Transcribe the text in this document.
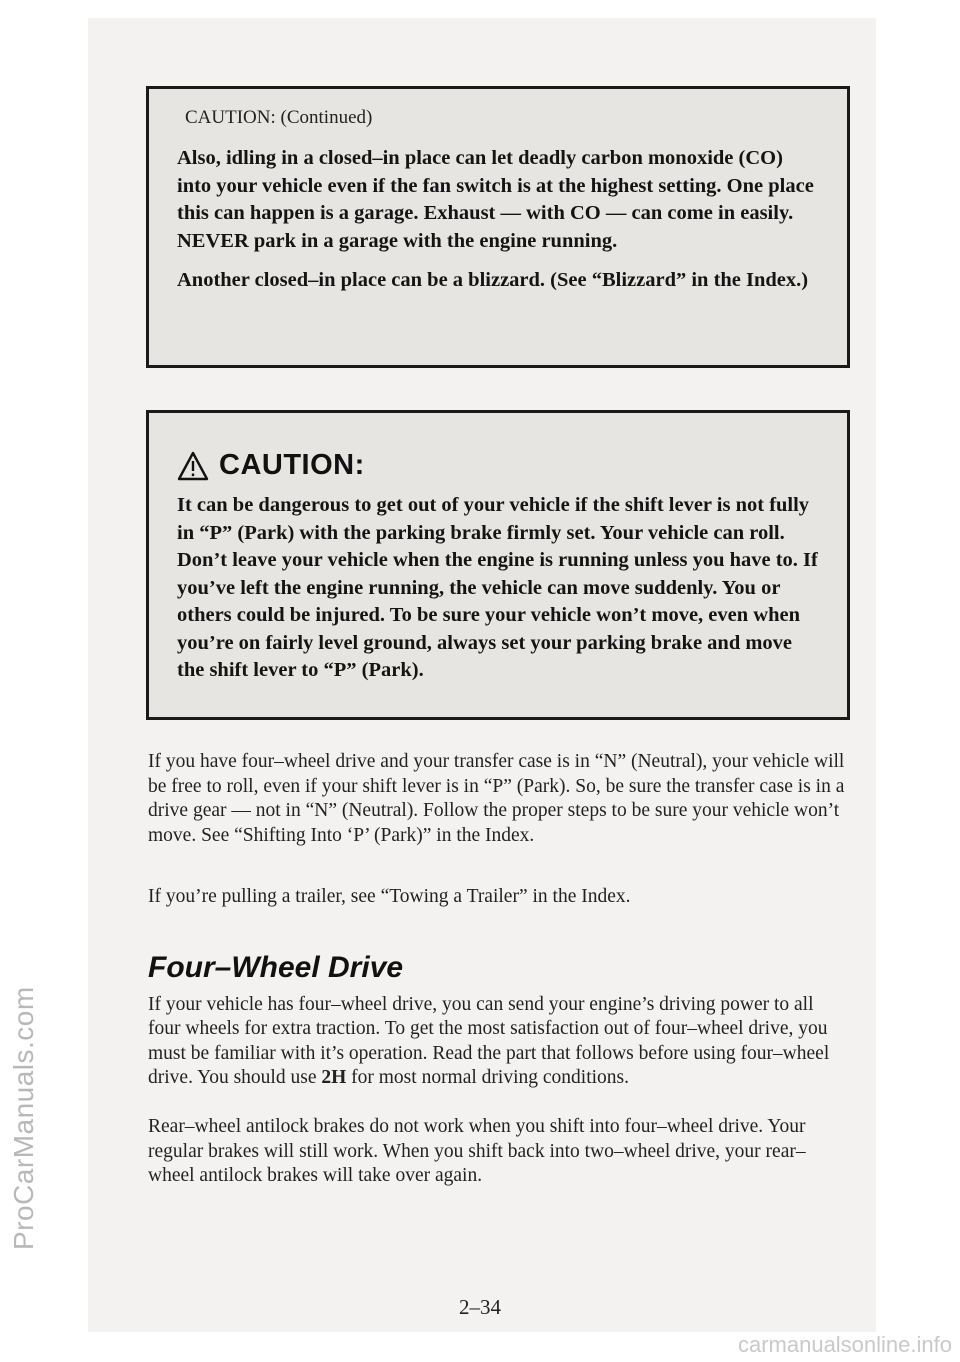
ProCarManuals.com
CAUTION: (Continued)

Also, idling in a closed–in place can let deadly carbon monoxide (CO) into your vehicle even if the fan switch is at the highest setting. One place this can happen is a garage. Exhaust — with CO — can come in easily. NEVER park in a garage with the engine running.

Another closed–in place can be a blizzard. (See “Blizzard” in the Index.)

CAUTION:

It can be dangerous to get out of your vehicle if the shift lever is not fully in “P” (Park) with the parking brake firmly set. Your vehicle can roll. Don’t leave your vehicle when the engine is running unless you have to. If you’ve left the engine running, the vehicle can move suddenly. You or others could be injured. To be sure your vehicle won’t move, even when you’re on fairly level ground, always set your parking brake and move the shift lever to “P” (Park).

If you have four–wheel drive and your transfer case is in “N” (Neutral), your vehicle will be free to roll, even if your shift lever is in “P” (Park). So, be sure the transfer case is in a drive gear — not in “N” (Neutral). Follow the proper steps to be sure your vehicle won’t move. See “Shifting Into ‘P’ (Park)” in the Index.

If you’re pulling a trailer, see “Towing a Trailer” in the Index.

Four–Wheel Drive

If your vehicle has four–wheel drive, you can send your engine’s driving power to all four wheels for extra traction. To get the most satisfaction out of four–wheel drive, you must be familiar with it’s operation. Read the part that follows before using four–wheel drive. You should use 2H for most normal driving conditions.

Rear–wheel antilock brakes do not work when you shift into four–wheel drive. Your regular brakes will still work. When you shift back into two–wheel drive, your rear–wheel antilock brakes will take over again.

2–34
carmanualsonline.info
